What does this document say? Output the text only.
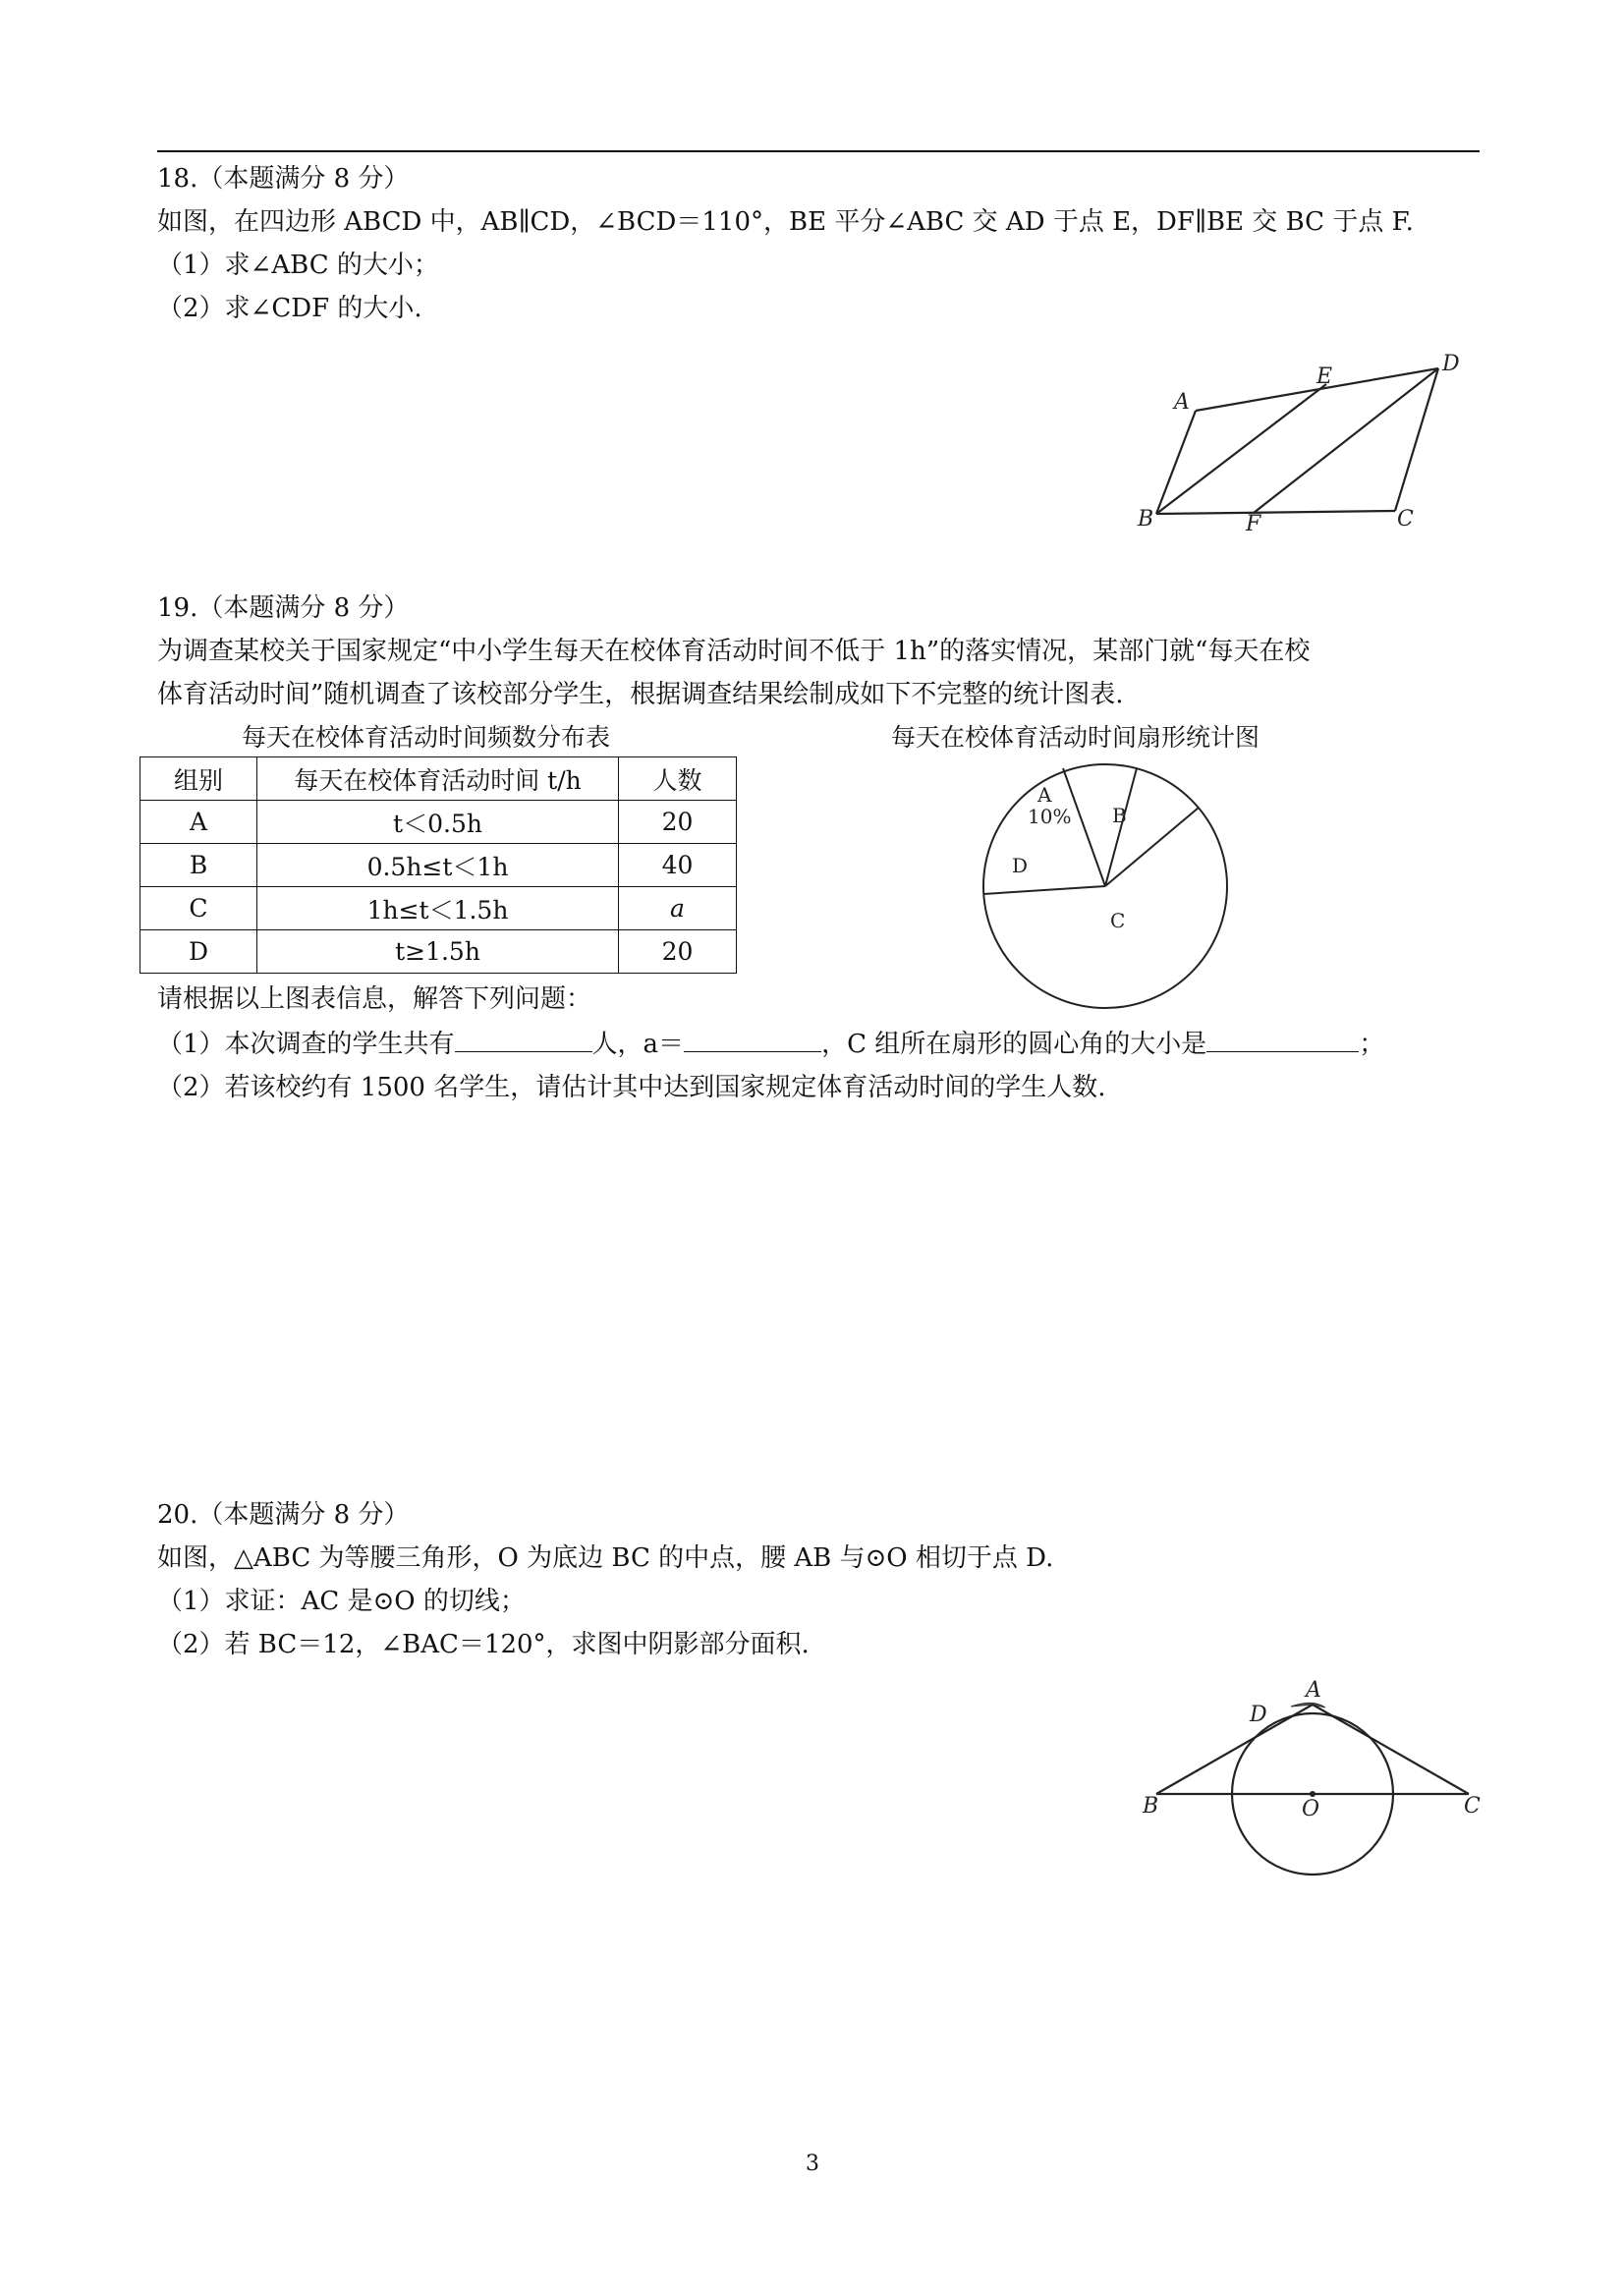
18.（本题满分 8 分）
如图，在四边形 ABCD 中，AB∥CD，∠BCD＝110°，BE 平分∠ABC 交 AD 于点 E，DF∥BE 交 BC 于点 F.
（1）求∠ABC 的大小；
（2）求∠CDF 的大小.
A
E
D
B	F	C
19.（本题满分 8 分）
为调查某校关于国家规定“中小学生每天在校体育活动时间不低于 1h”的落实情况，某部门就“每天在校
体育活动时间”随机调查了该校部分学生，根据调查结果绘制成如下不完整的统计图表.
每天在校体育活动时间频数分布表	每天在校体育活动时间扇形统计图
组别	每天在校体育活动时间 t/h	人数
A	t＜0.5h	20
B	0.5h≤t＜1h	40
C	1h≤t＜1.5h	a
D	t≥1.5h	20
A
10% B
D
C
请根据以上图表信息，解答下列问题：
（1）本次调查的学生共有	人，a＝	，C 组所在扇形的圆心角的大小是	；
（2）若该校约有 1500 名学生，请估计其中达到国家规定体育活动时间的学生人数.
20.（本题满分 8 分）
如图，△ABC 为等腰三角形，O 为底边 BC 的中点，腰 AB 与⊙O 相切于点 D.
（1）求证：AC 是⊙O 的切线；
（2）若 BC＝12，∠BAC＝120°，求图中阴影部分面积.
A
D
B	O	C
3
